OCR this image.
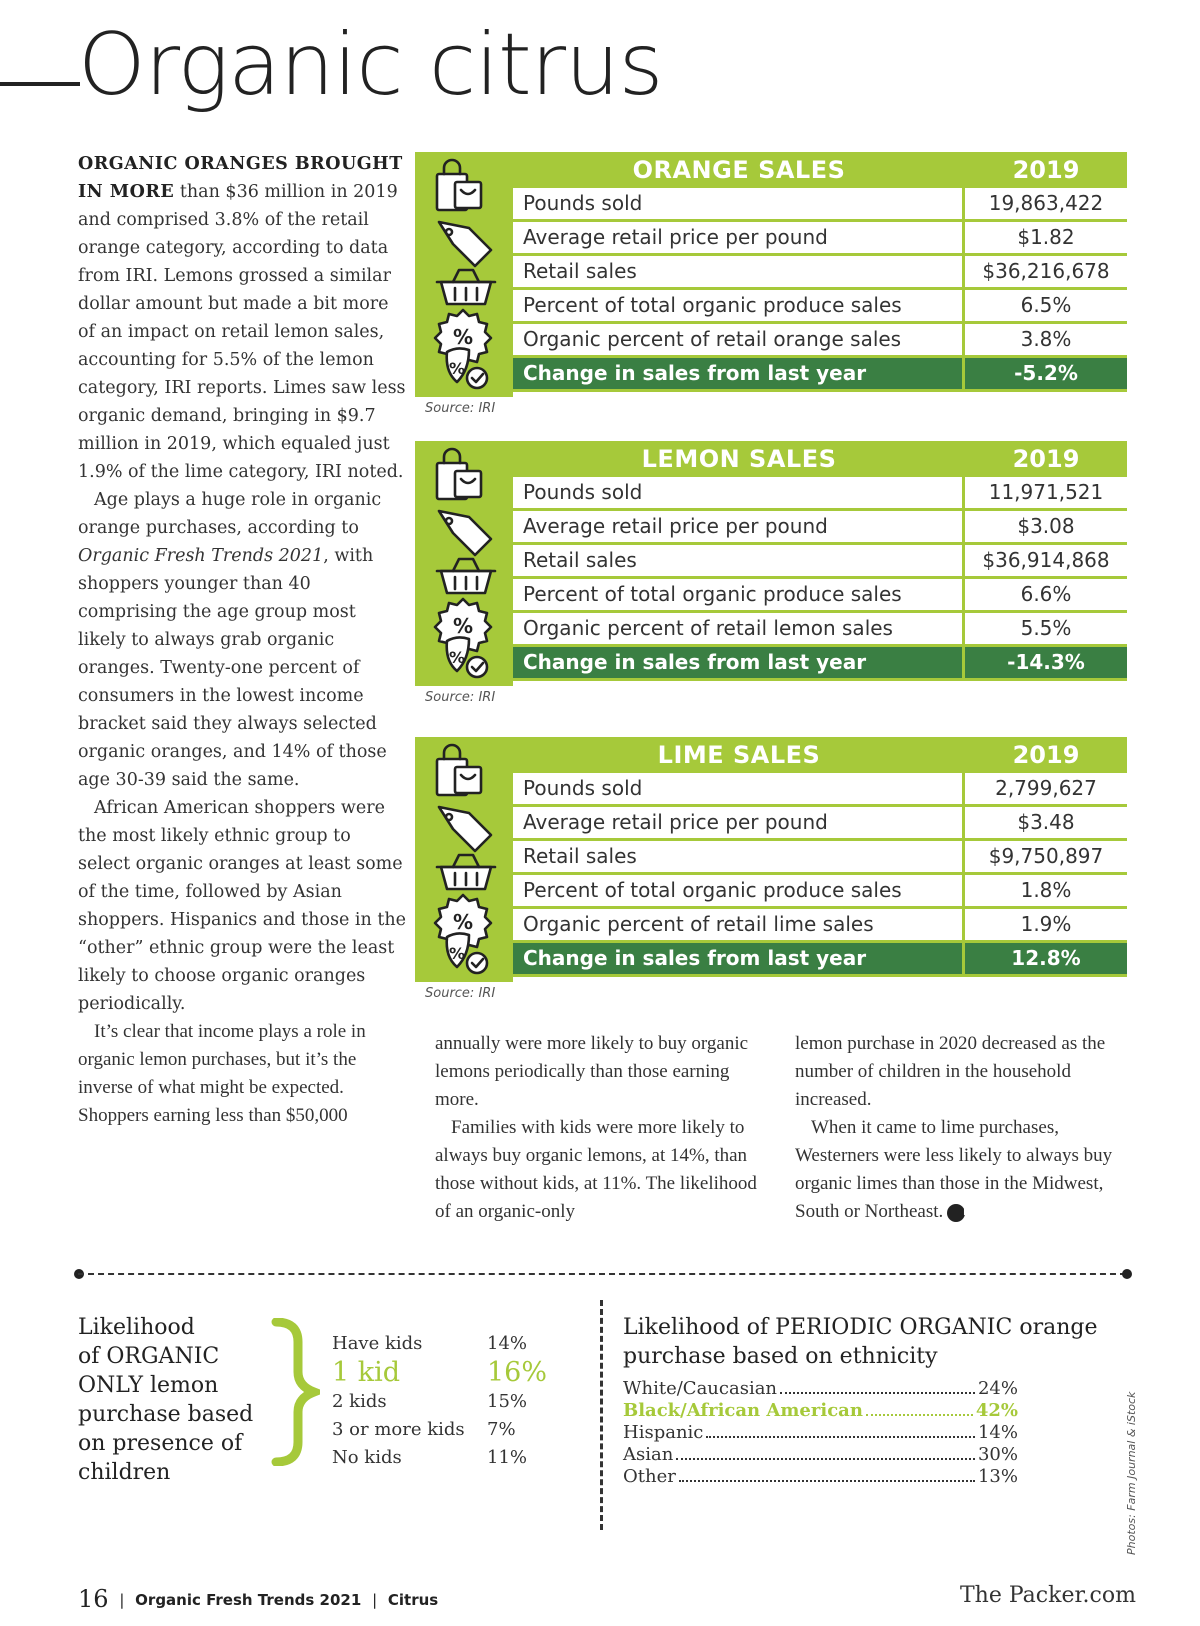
Organic citrus

ORGANIC ORANGES BROUGHT IN MORE than $36 million in 2019 and comprised 3.8% of the retail orange category, according to data from IRI. Lemons grossed a similar dollar amount but made a bit more of an impact on retail lemon sales, accounting for 5.5% of the lemon category, IRI reports. Limes saw less organic demand, bringing in $9.7 million in 2019, which equaled just 1.9% of the lime category, IRI noted.

Age plays a huge role in organic orange purchases, according to Organic Fresh Trends 2021, with shoppers younger than 40 comprising the age group most likely to always grab organic oranges. Twenty-one percent of consumers in the lowest income bracket said they always selected organic oranges, and 14% of those age 30-39 said the same.

African American shoppers were the most likely ethnic group to select organic oranges at least some of the time, followed by Asian shoppers. Hispanics and those in the “other” ethnic group were the least likely to choose organic oranges periodically.

It’s clear that income plays a role in organic lemon purchases, but it’s the inverse of what might be expected. Shoppers earning less than $50,000

annually were more likely to buy organic lemons periodically than those earning more.

Families with kids were more likely to always buy organic lemons, at 14%, than those without kids, at 11%. The likelihood of an organic-only

lemon purchase in 2020 decreased as the number of children in the household increased.

When it came to lime purchases, Westerners were less likely to always buy organic limes than those in the Midwest, South or Northeast.	FT

%
%
ORANGE SALES	2019
Pounds sold	19,863,422
Average retail price per pound	$1.82
Retail sales	$36,216,678
Percent of total organic produce sales	6.5%
Organic percent of retail orange sales	3.8%
Change in sales from last year	-5.2%
Source: IRI
%
%
LEMON SALES	2019
Pounds sold	11,971,521
Average retail price per pound	$3.08
Retail sales	$36,914,868
Percent of total organic produce sales	6.6%
Organic percent of retail lemon sales	5.5%
Change in sales from last year	-14.3%
Source: IRI
%
%
LIME SALES	2019
Pounds sold	2,799,627
Average retail price per pound	$3.48
Retail sales	$9,750,897
Percent of total organic produce sales	1.8%
Organic percent of retail lime sales	1.9%
Change in sales from last year	12.8%
Source: IRI
Likelihood
of ORGANIC
ONLY lemon
purchase based
on presence of
children
Have kids	14%
1 kid	16%
2 kids	15%
3 or more kids 7%
No kids	11%
Likelihood of PERIODIC ORGANIC orange
purchase based on ethnicity
White/Caucasian	24%
Black/African American	42%
Hispanic	14%
Asian	30%
Other	13%	Photos: Farm Journal & iStock
16 | Organic Fresh Trends 2021 | Citrus	The Packer.com
